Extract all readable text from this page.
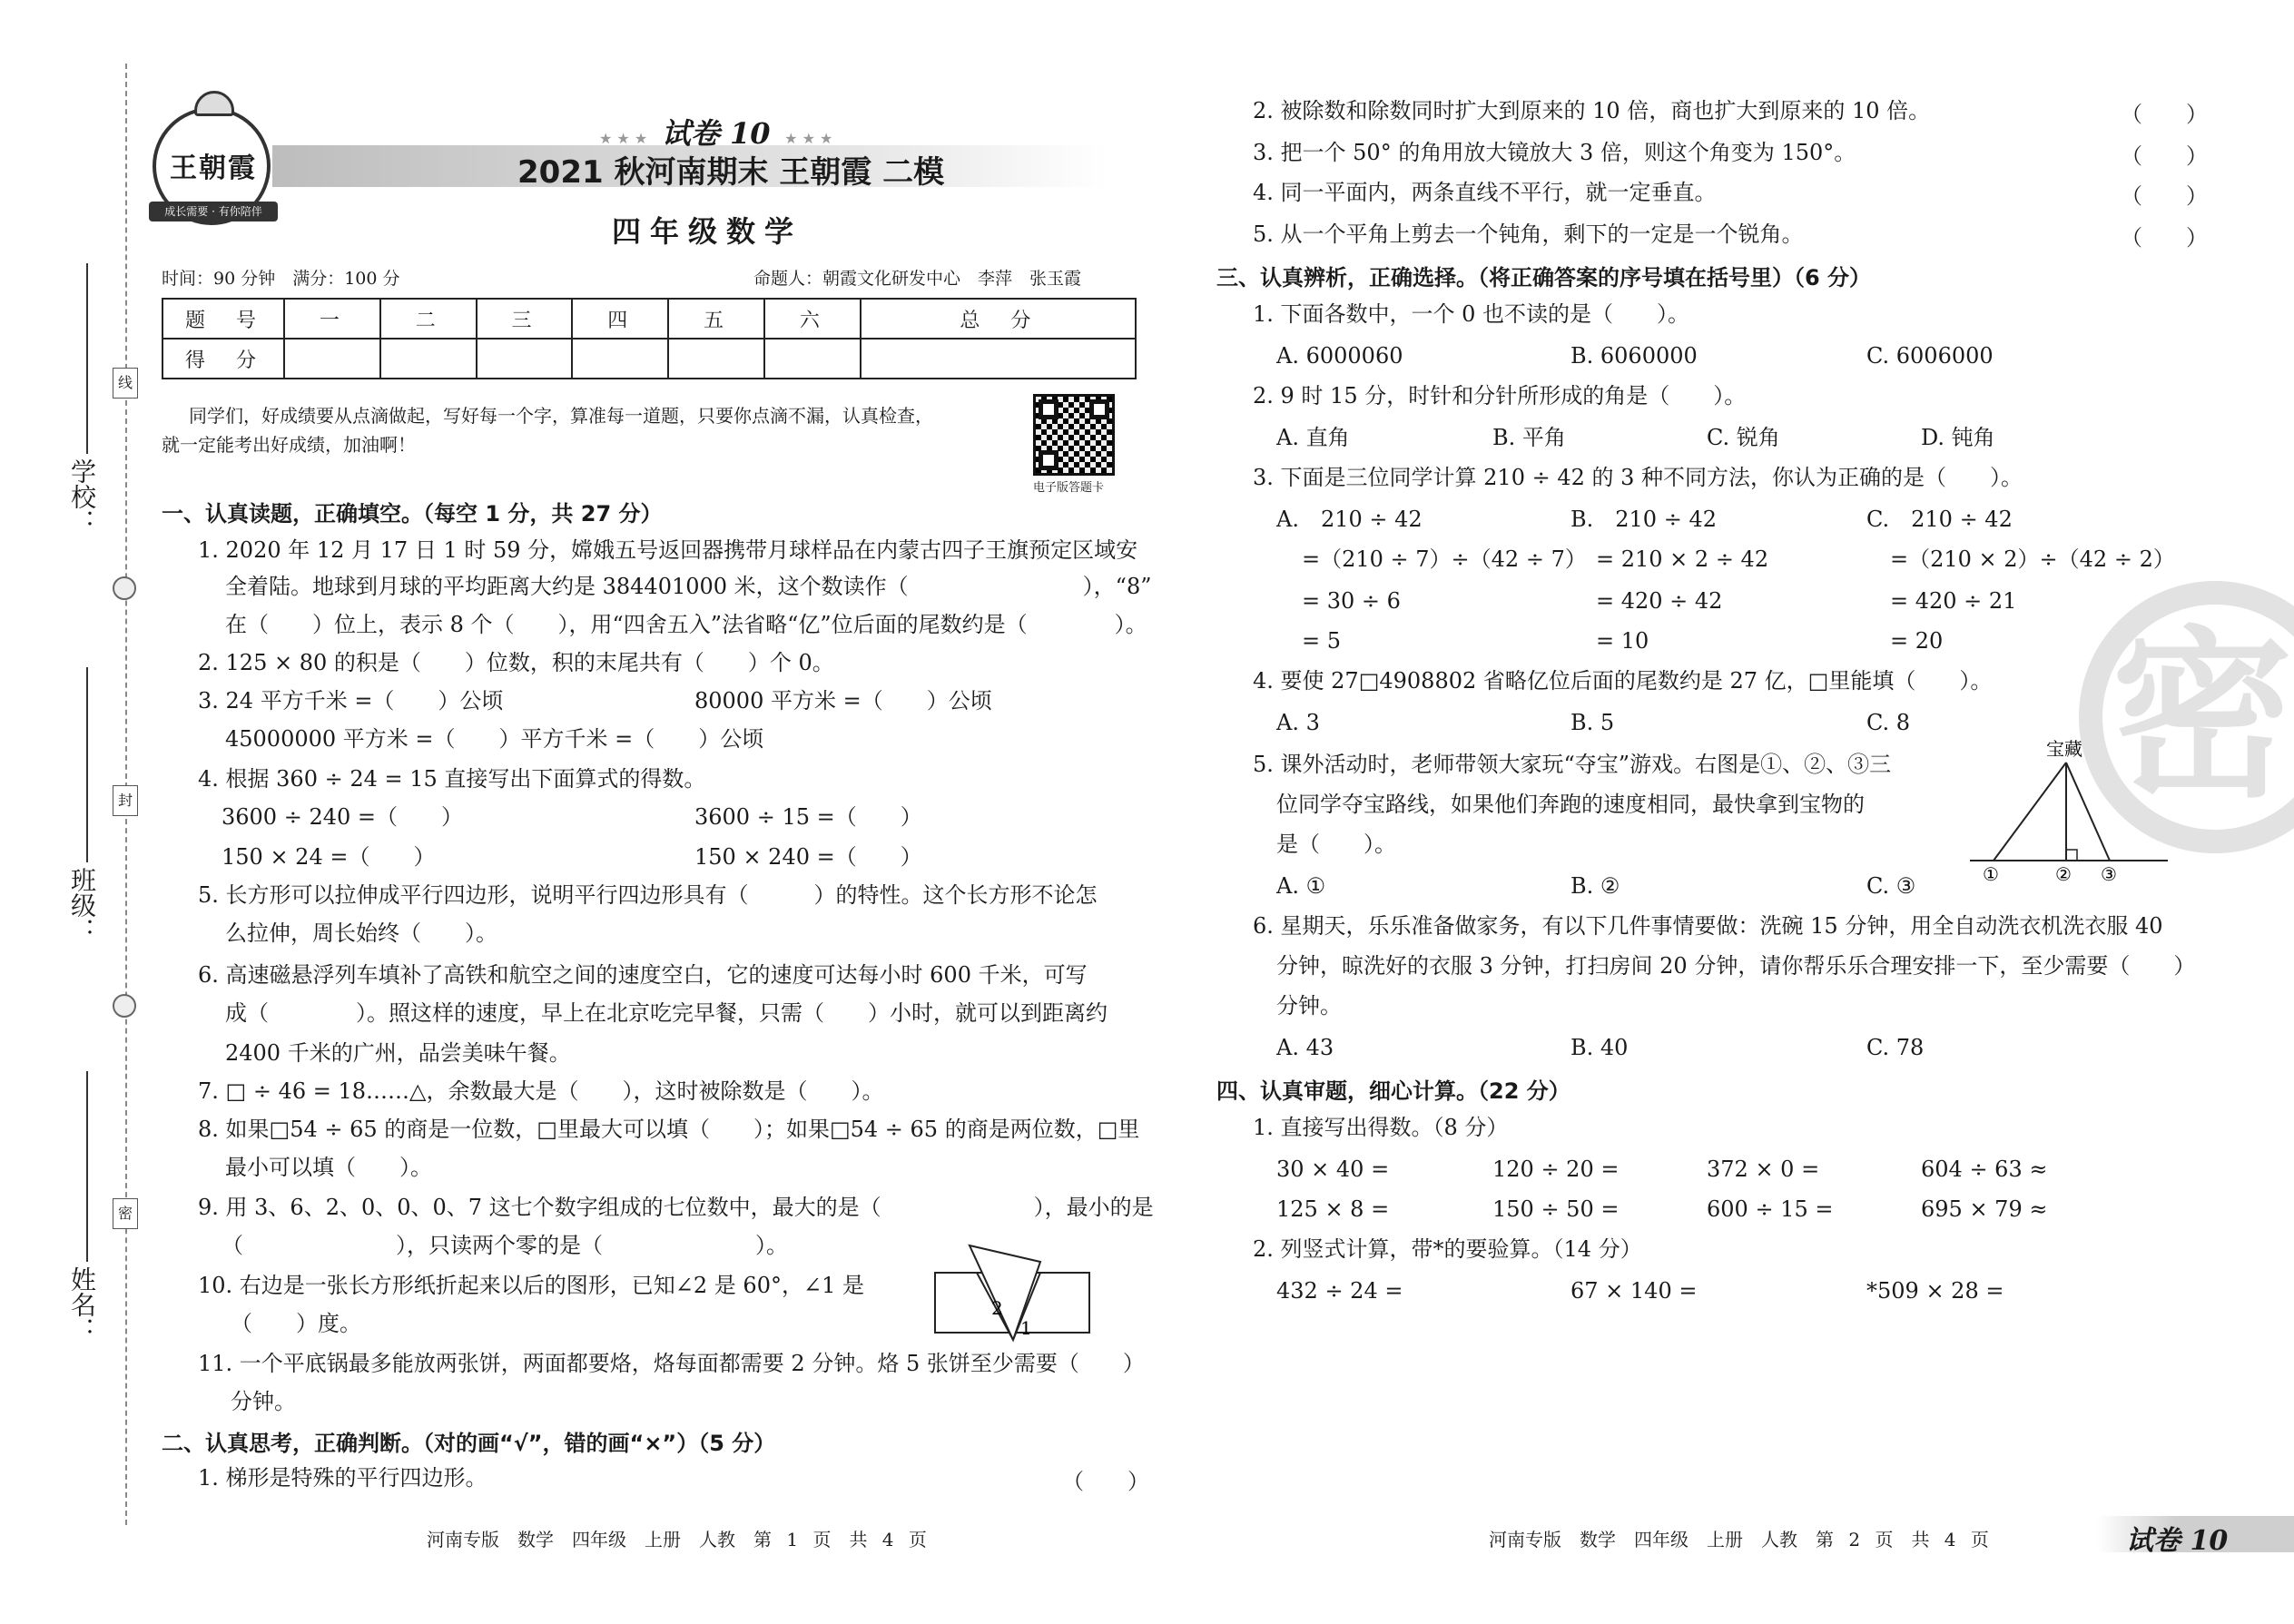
学校：
班级：
姓名：
线
封
密
王朝霞
成长需要 · 有你陪伴
★ ★ ★ 试卷 10 ★ ★ ★
2021 秋河南期末 王朝霞 二模
四年级数学
时间：90 分钟　满分：100 分	命题人：朝霞文化研发中心　李萍　张玉霞
题　号	一	二	三	四	五	六	总　分
得　分							
同学们，好成绩要从点滴做起，写好每一个字，算准每一道题，只要你点滴不漏，认真检查，
就一定能考出好成绩，加油啊！
电子版答题卡
一、认真读题，正确填空。（每空 1 分，共 27 分）
1. 2020 年 12 月 17 日 1 时 59 分，嫦娥五号返回器携带月球样品在内蒙古四子王旗预定区域安
全着陆。地球到月球的平均距离大约是 384401000 米，这个数读作（　　　　　　　　），“8”
在（　　）位上，表示 8 个（　　），用“四舍五入”法省略“亿”位后面的尾数约是（　　　　）。
2. 125 × 80 的积是（　　）位数，积的末尾共有（　　）个 0。
3. 24 平方千米 =（　　）公顷	80000 平方米 =（　　）公顷
45000000 平方米 =（　　）平方千米 =（　　）公顷
4. 根据 360 ÷ 24 = 15 直接写出下面算式的得数。
3600 ÷ 240 =（　　）	3600 ÷ 15 =（　　）
150 × 24 =（　　）	150 × 240 =（　　）
5. 长方形可以拉伸成平行四边形，说明平行四边形具有（　　　）的特性。这个长方形不论怎
么拉伸，周长始终（　　）。
6. 高速磁悬浮列车填补了高铁和航空之间的速度空白，它的速度可达每小时 600 千米，可写
成（　　　　）。照这样的速度，早上在北京吃完早餐，只需（　　）小时，就可以到距离约
2400 千米的广州，品尝美味午餐。
7. □ ÷ 46 = 18……△，余数最大是（　　），这时被除数是（　　）。
8. 如果□54 ÷ 65 的商是一位数，□里最大可以填（　　）；如果□54 ÷ 65 的商是两位数，□里
最小可以填（　　）。
9. 用 3、6、2、0、0、0、7 这七个数字组成的七位数中，最大的是（　　　　　　　），最小的是
（　　　　　　　），只读两个零的是（　　　　　　　）。
10. 右边是一张长方形纸折起来以后的图形，已知∠2 是 60°，∠1 是
（　　）度。
11. 一个平底锅最多能放两张饼，两面都要烙，烙每面都需要 2 分钟。烙 5 张饼至少需要（　　）
分钟。
2
1
二、认真思考，正确判断。（对的画“√”，错的画“×”）（5 分）
1. 梯形是特殊的平行四边形。	（　　）
2. 被除数和除数同时扩大到原来的 10 倍，商也扩大到原来的 10 倍。	（　　）
3. 把一个 50° 的角用放大镜放大 3 倍，则这个角变为 150°。	（　　）
4. 同一平面内，两条直线不平行，就一定垂直。	（　　）
5. 从一个平角上剪去一个钝角，剩下的一定是一个锐角。	（　　）
三、认真辨析，正确选择。（将正确答案的序号填在括号里）（6 分）
1. 下面各数中，一个 0 也不读的是（　　）。
A. 6000060	B. 6060000	C. 6006000
2. 9 时 15 分，时针和分针所形成的角是（　　）。
A. 直角	B. 平角	C. 锐角	D. 钝角
3. 下面是三位同学计算 210 ÷ 42 的 3 种不同方法，你认为正确的是（　　）。
A.　210 ÷ 42
=（210 ÷ 7）÷（42 ÷ 7）
= 30 ÷ 6
= 5
B.　210 ÷ 42
= 210 × 2 ÷ 42
= 420 ÷ 42
= 10
C.　210 ÷ 42
=（210 × 2）÷（42 ÷ 2）
= 420 ÷ 21
= 20
4. 要使 27□4908802 省略亿位后面的尾数约是 27 亿，□里能填（　　）。
A. 3	B. 5	C. 8
5. 课外活动时，老师带领大家玩“夺宝”游戏。右图是①、②、③三
位同学夺宝路线，如果他们奔跑的速度相同，最快拿到宝物的
是（　　）。
A. ①	B. ②	C. ③
宝藏
①	② ③
6. 星期天，乐乐准备做家务，有以下几件事情要做：洗碗 15 分钟，用全自动洗衣机洗衣服 40
分钟，晾洗好的衣服 3 分钟，打扫房间 20 分钟，请你帮乐乐合理安排一下，至少需要（　　）
分钟。
A. 43	B. 40	C. 78
四、认真审题，细心计算。（22 分）
1. 直接写出得数。（8 分）
30 × 40 =	120 ÷ 20 =	372 × 0 =	604 ÷ 63 ≈
125 × 8 =	150 ÷ 50 =	600 ÷ 15 =	695 × 79 ≈
2. 列竖式计算，带*的要验算。（14 分）
432 ÷ 24 =	67 × 140 =	*509 × 28 =
密
河南专版　数学　四年级　上册　人教　第 1 页　共 4 页	河南专版　数学　四年级　上册　人教　第 2 页　共 4 页	试卷 10
